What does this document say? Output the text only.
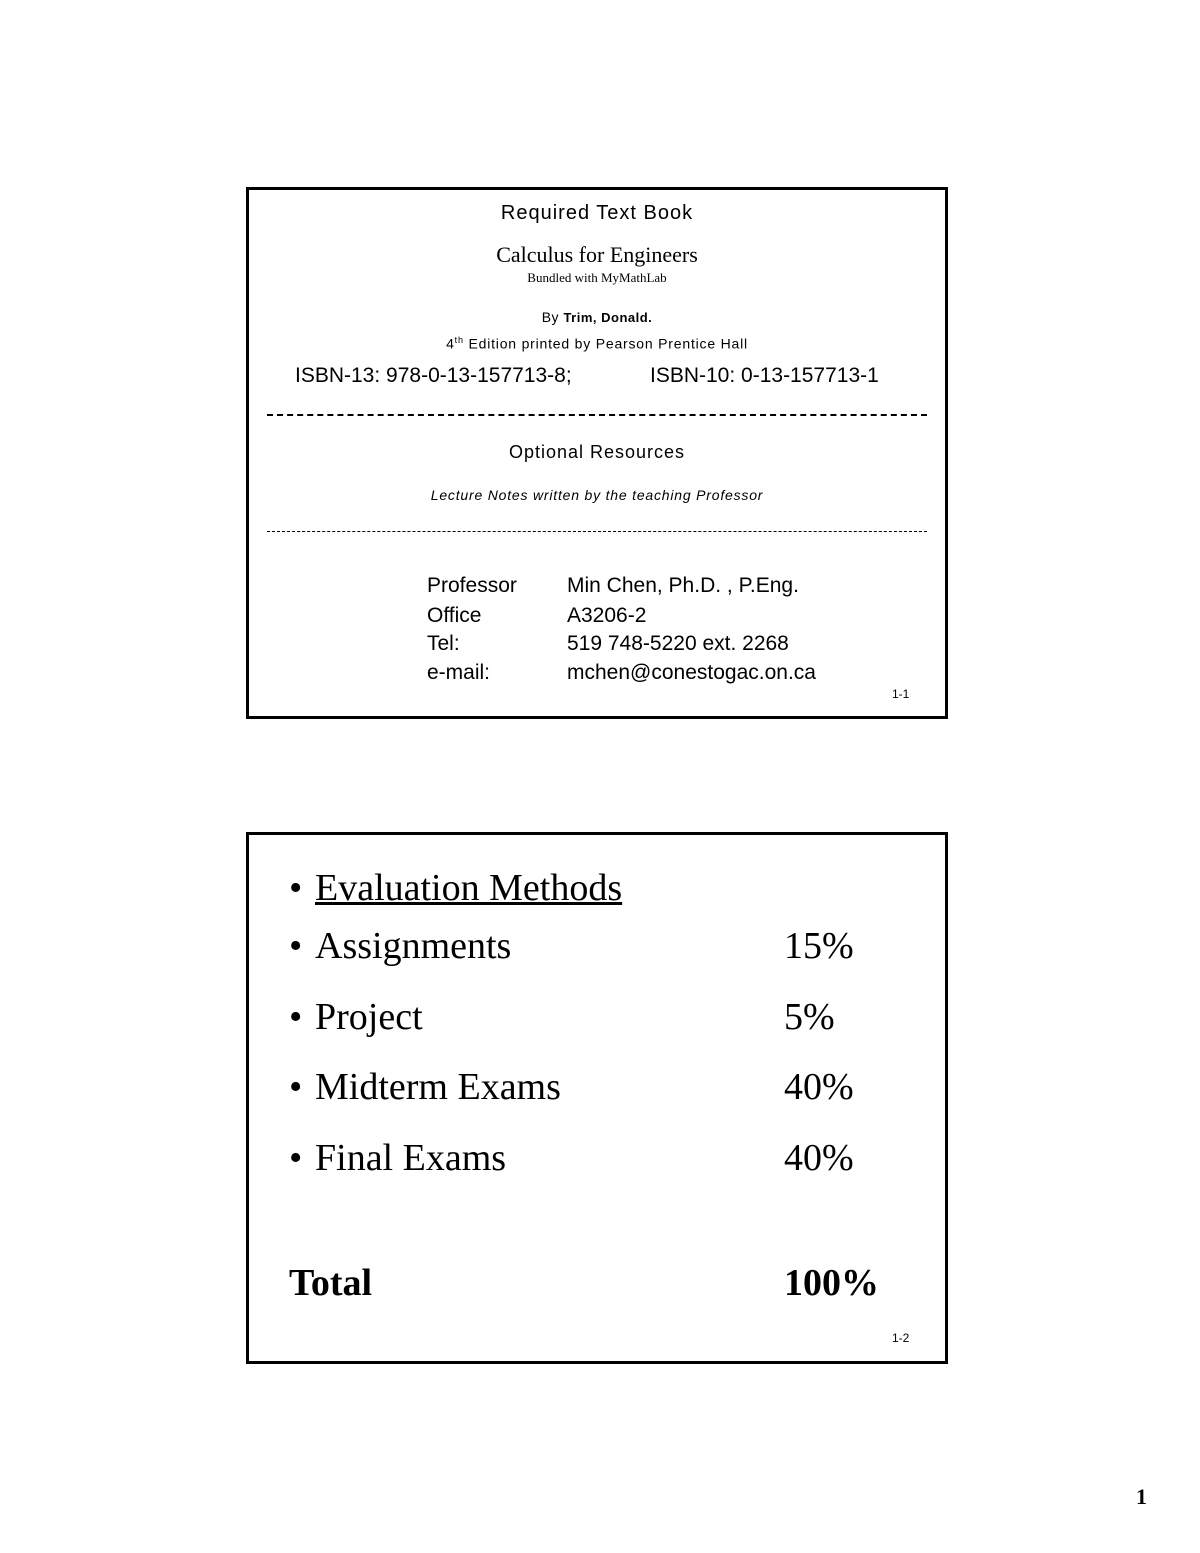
Required Text Book
Calculus for Engineers
Bundled with MyMathLab
By Trim, Donald.
4th Edition printed by Pearson Prentice Hall
ISBN-13: 978-0-13-157713-8;	ISBN-10: 0-13-157713-1
Optional Resources
Lecture Notes written by the teaching Professor
Professor Min Chen, Ph.D. , P.Eng.
Office	A3206-2
Tel:	519 748-5220 ext. 2268
e-mail:	mchen@conestogac.on.ca
1-1
• Evaluation Methods
• Assignments	15%
• Project	5%
• Midterm Exams	40%
• Final Exams	40%
Total	100%
1-2
1
